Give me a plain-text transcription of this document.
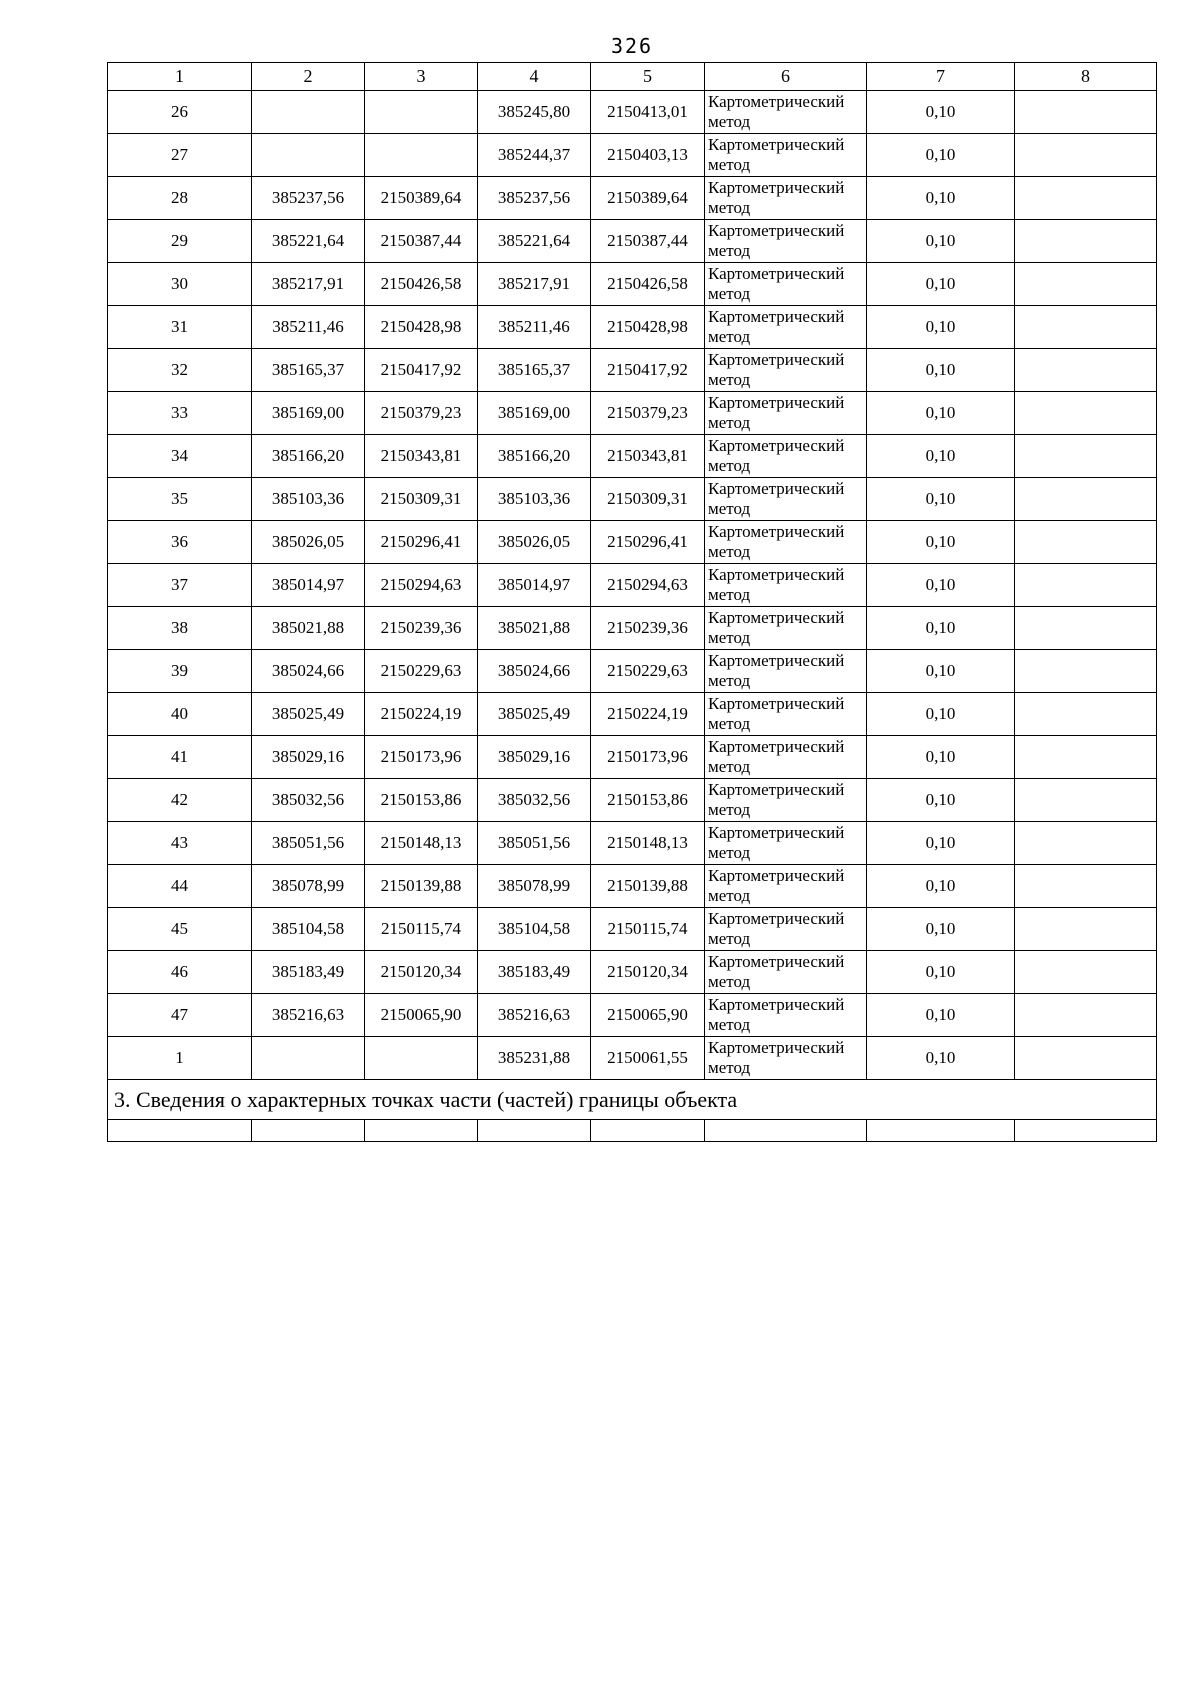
326
1	2	3	4	5	6	7	8
26			385245,80	2150413,01	Картометрический
метод	0,10	
27			385244,37	2150403,13	Картометрический
метод	0,10	
28	385237,56	2150389,64	385237,56	2150389,64	Картометрический
метод	0,10	
29	385221,64	2150387,44	385221,64	2150387,44	Картометрический
метод	0,10	
30	385217,91	2150426,58	385217,91	2150426,58	Картометрический
метод	0,10	
31	385211,46	2150428,98	385211,46	2150428,98	Картометрический
метод	0,10	
32	385165,37	2150417,92	385165,37	2150417,92	Картометрический
метод	0,10	
33	385169,00	2150379,23	385169,00	2150379,23	Картометрический
метод	0,10	
34	385166,20	2150343,81	385166,20	2150343,81	Картометрический
метод	0,10	
35	385103,36	2150309,31	385103,36	2150309,31	Картометрический
метод	0,10	
36	385026,05	2150296,41	385026,05	2150296,41	Картометрический
метод	0,10	
37	385014,97	2150294,63	385014,97	2150294,63	Картометрический
метод	0,10	
38	385021,88	2150239,36	385021,88	2150239,36	Картометрический
метод	0,10	
39	385024,66	2150229,63	385024,66	2150229,63	Картометрический
метод	0,10	
40	385025,49	2150224,19	385025,49	2150224,19	Картометрический
метод	0,10	
41	385029,16	2150173,96	385029,16	2150173,96	Картометрический
метод	0,10	
42	385032,56	2150153,86	385032,56	2150153,86	Картометрический
метод	0,10	
43	385051,56	2150148,13	385051,56	2150148,13	Картометрический
метод	0,10	
44	385078,99	2150139,88	385078,99	2150139,88	Картометрический
метод	0,10	
45	385104,58	2150115,74	385104,58	2150115,74	Картометрический
метод	0,10	
46	385183,49	2150120,34	385183,49	2150120,34	Картометрический
метод	0,10	
47	385216,63	2150065,90	385216,63	2150065,90	Картометрический
метод	0,10	
1			385231,88	2150061,55	Картометрический
метод	0,10	
3. Сведения о характерных точках части (частей) границы объекта							
